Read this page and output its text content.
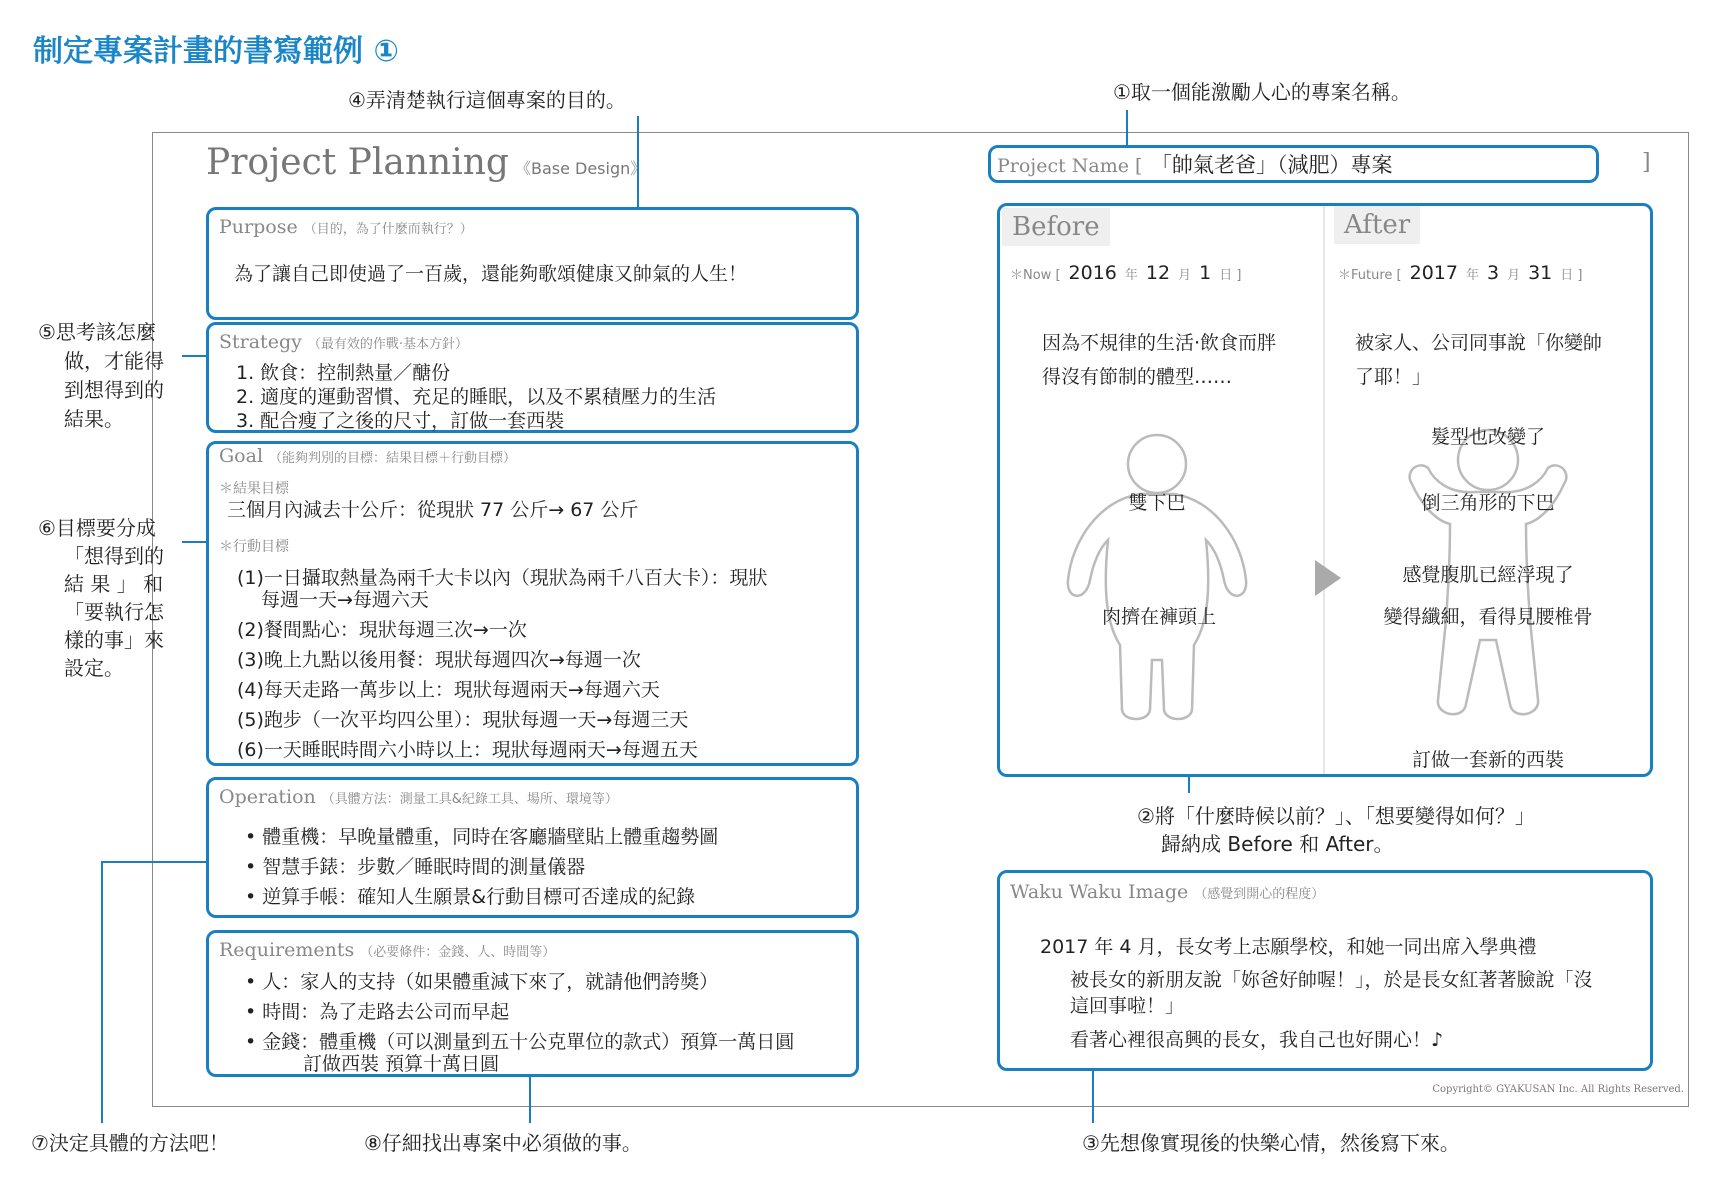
制定專案計畫的書寫範例 ①
④弄清楚執行這個專案的目的。	①取一個能激勵人心的專案名稱。
②將「什麼時候以前？」、「想要變得如何？」
歸納成 Before 和 After。
③先想像實現後的快樂心情，然後寫下來。
⑦決定具體的方法吧！	⑧仔細找出專案中必須做的事。
⑤思考該怎麼
做，才能得
到想得到的
結果。
⑥目標要分成
「想得到的
結 果 」 和
「要執行怎
樣的事」來
設定。
Project Planning 《Base Design》	Project Name [ 「帥氣老爸」（減肥）專案	]
Purpose （目的，為了什麼而執行？）
為了讓自己即使過了一百歲，還能夠歌頌健康又帥氣的人生！
Strategy （最有效的作戰‧基本方針）
1. 飲食：控制熱量／醣份
2. 適度的運動習慣、充足的睡眠，以及不累積壓力的生活
3. 配合瘦了之後的尺寸，訂做一套西裝
Goal （能夠判別的目標：結果目標＋行動目標）
＊結果目標
三個月內減去十公斤：從現狀 77 公斤→ 67 公斤
＊行動目標
(1)一日攝取熱量為兩千大卡以內（現狀為兩千八百大卡）：現狀
每週一天→每週六天
(2)餐間點心：現狀每週三次→一次
(3)晚上九點以後用餐：現狀每週四次→每週一次
(4)每天走路一萬步以上：現狀每週兩天→每週六天
(5)跑步（一次平均四公里）：現狀每週一天→每週三天
(6)一天睡眠時間六小時以上：現狀每週兩天→每週五天
Operation （具體方法：測量工具&紀錄工具、場所、環境等）
• 體重機：早晚量體重，同時在客廳牆壁貼上體重趨勢圖
• 智慧手錶：步數／睡眠時間的測量儀器
• 逆算手帳：確知人生願景&行動目標可否達成的紀錄
Requirements （必要條件：金錢、人、時間等）
• 人：家人的支持（如果體重減下來了，就請他們誇獎）
• 時間：為了走路去公司而早起
• 金錢：體重機（可以測量到五十公克單位的款式）預算一萬日圓
訂做西裝 預算十萬日圓
Before	After
＊Now [ 2016 年 12 月 1 日 ]	＊Future [ 2017 年 3 月 31 日 ]
因為不規律的生活‧飲食而胖
得沒有節制的體型……
被家人、公司同事說「你變帥
了耶！」
雙下巴
肉擠在褲頭上
髮型也改變了
倒三角形的下巴
感覺腹肌已經浮現了
變得纖細，看得見腰椎骨
訂做一套新的西裝
Waku Waku Image （感覺到開心的程度）
2017 年 4 月，長女考上志願學校，和她一同出席入學典禮
被長女的新朋友說「妳爸好帥喔！」，於是長女紅著著臉說「沒
這回事啦！」
看著心裡很高興的長女，我自己也好開心！♪
Copyright© GYAKUSAN Inc. All Rights Reserved.
